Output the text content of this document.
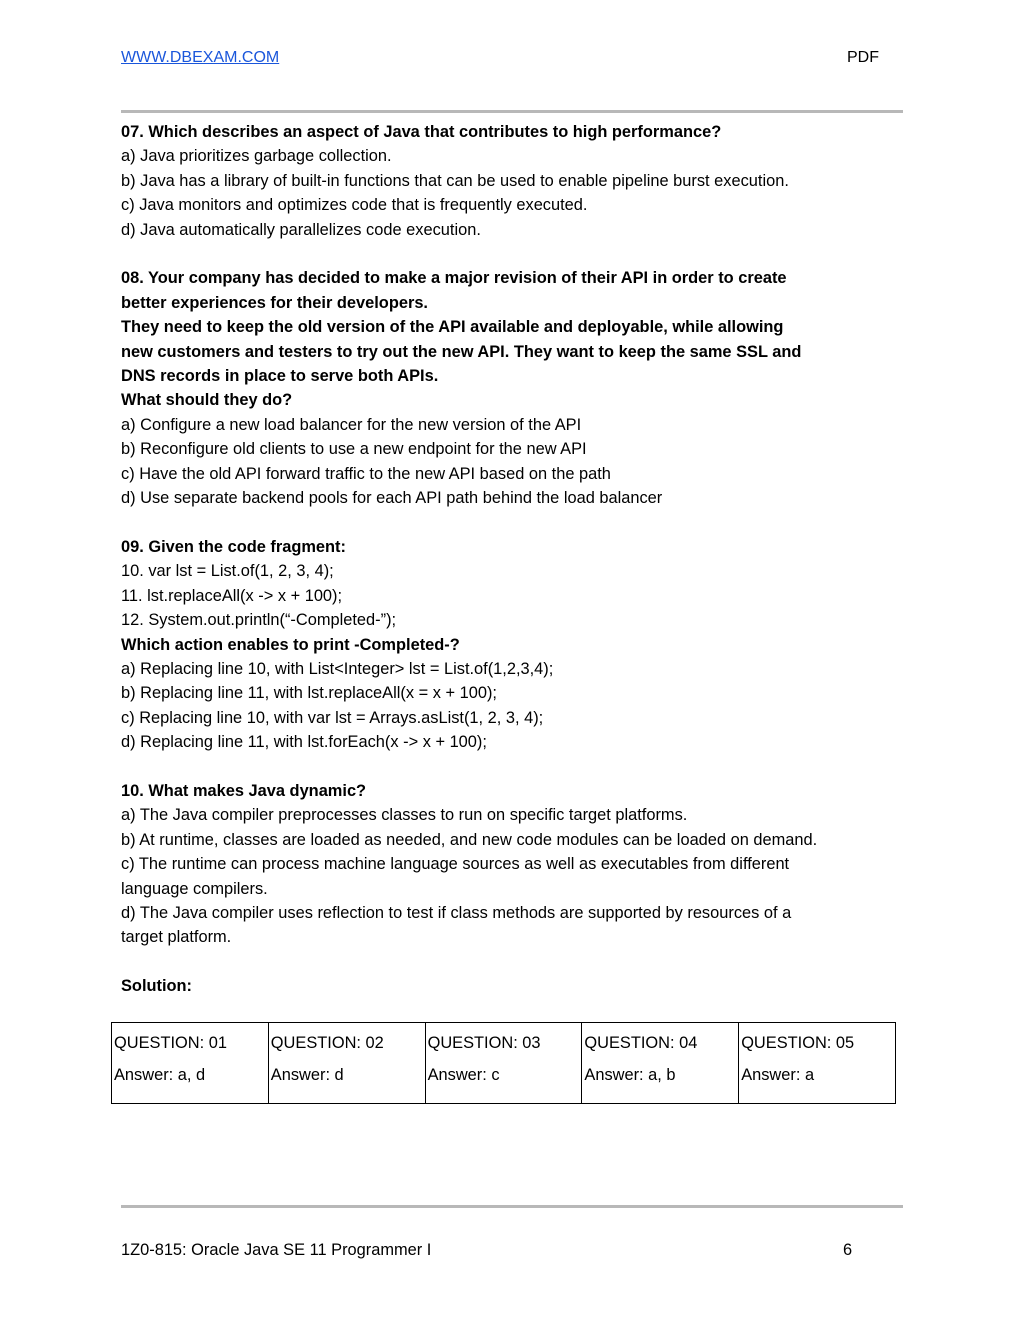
WWW.DBEXAM.COM	PDF
07. Which describes an aspect of Java that contributes to high performance?
a) Java prioritizes garbage collection.
b) Java has a library of built-in functions that can be used to enable pipeline burst execution.
c) Java monitors and optimizes code that is frequently executed.
d) Java automatically parallelizes code execution.
08. Your company has decided to make a major revision of their API in order to create
better experiences for their developers.
They need to keep the old version of the API available and deployable, while allowing
new customers and testers to try out the new API. They want to keep the same SSL and
DNS records in place to serve both APIs.
What should they do?
a) Configure a new load balancer for the new version of the API
b) Reconfigure old clients to use a new endpoint for the new API
c) Have the old API forward traffic to the new API based on the path
d) Use separate backend pools for each API path behind the load balancer
09. Given the code fragment:
10. var lst = List.of(1, 2, 3, 4);
11. lst.replaceAll(x -> x + 100);
12. System.out.println(“-Completed-”);
Which action enables to print -Completed-?
a) Replacing line 10, with List<Integer> lst = List.of(1,2,3,4);
b) Replacing line 11, with lst.replaceAll(x = x + 100);
c) Replacing line 10, with var lst = Arrays.asList(1, 2, 3, 4);
d) Replacing line 11, with lst.forEach(x -> x + 100);
10. What makes Java dynamic?
a) The Java compiler preprocesses classes to run on specific target platforms.
b) At runtime, classes are loaded as needed, and new code modules can be loaded on demand.
c) The runtime can process machine language sources as well as executables from different
language compilers.
d) The Java compiler uses reflection to test if class methods are supported by resources of a
target platform.
Solution:
QUESTION: 01	QUESTION: 02	QUESTION: 03	QUESTION: 04	QUESTION: 05
Answer: a, d	Answer: d	Answer: c	Answer: a, b	Answer: a
1Z0-815: Oracle Java SE 11 Programmer I	6
